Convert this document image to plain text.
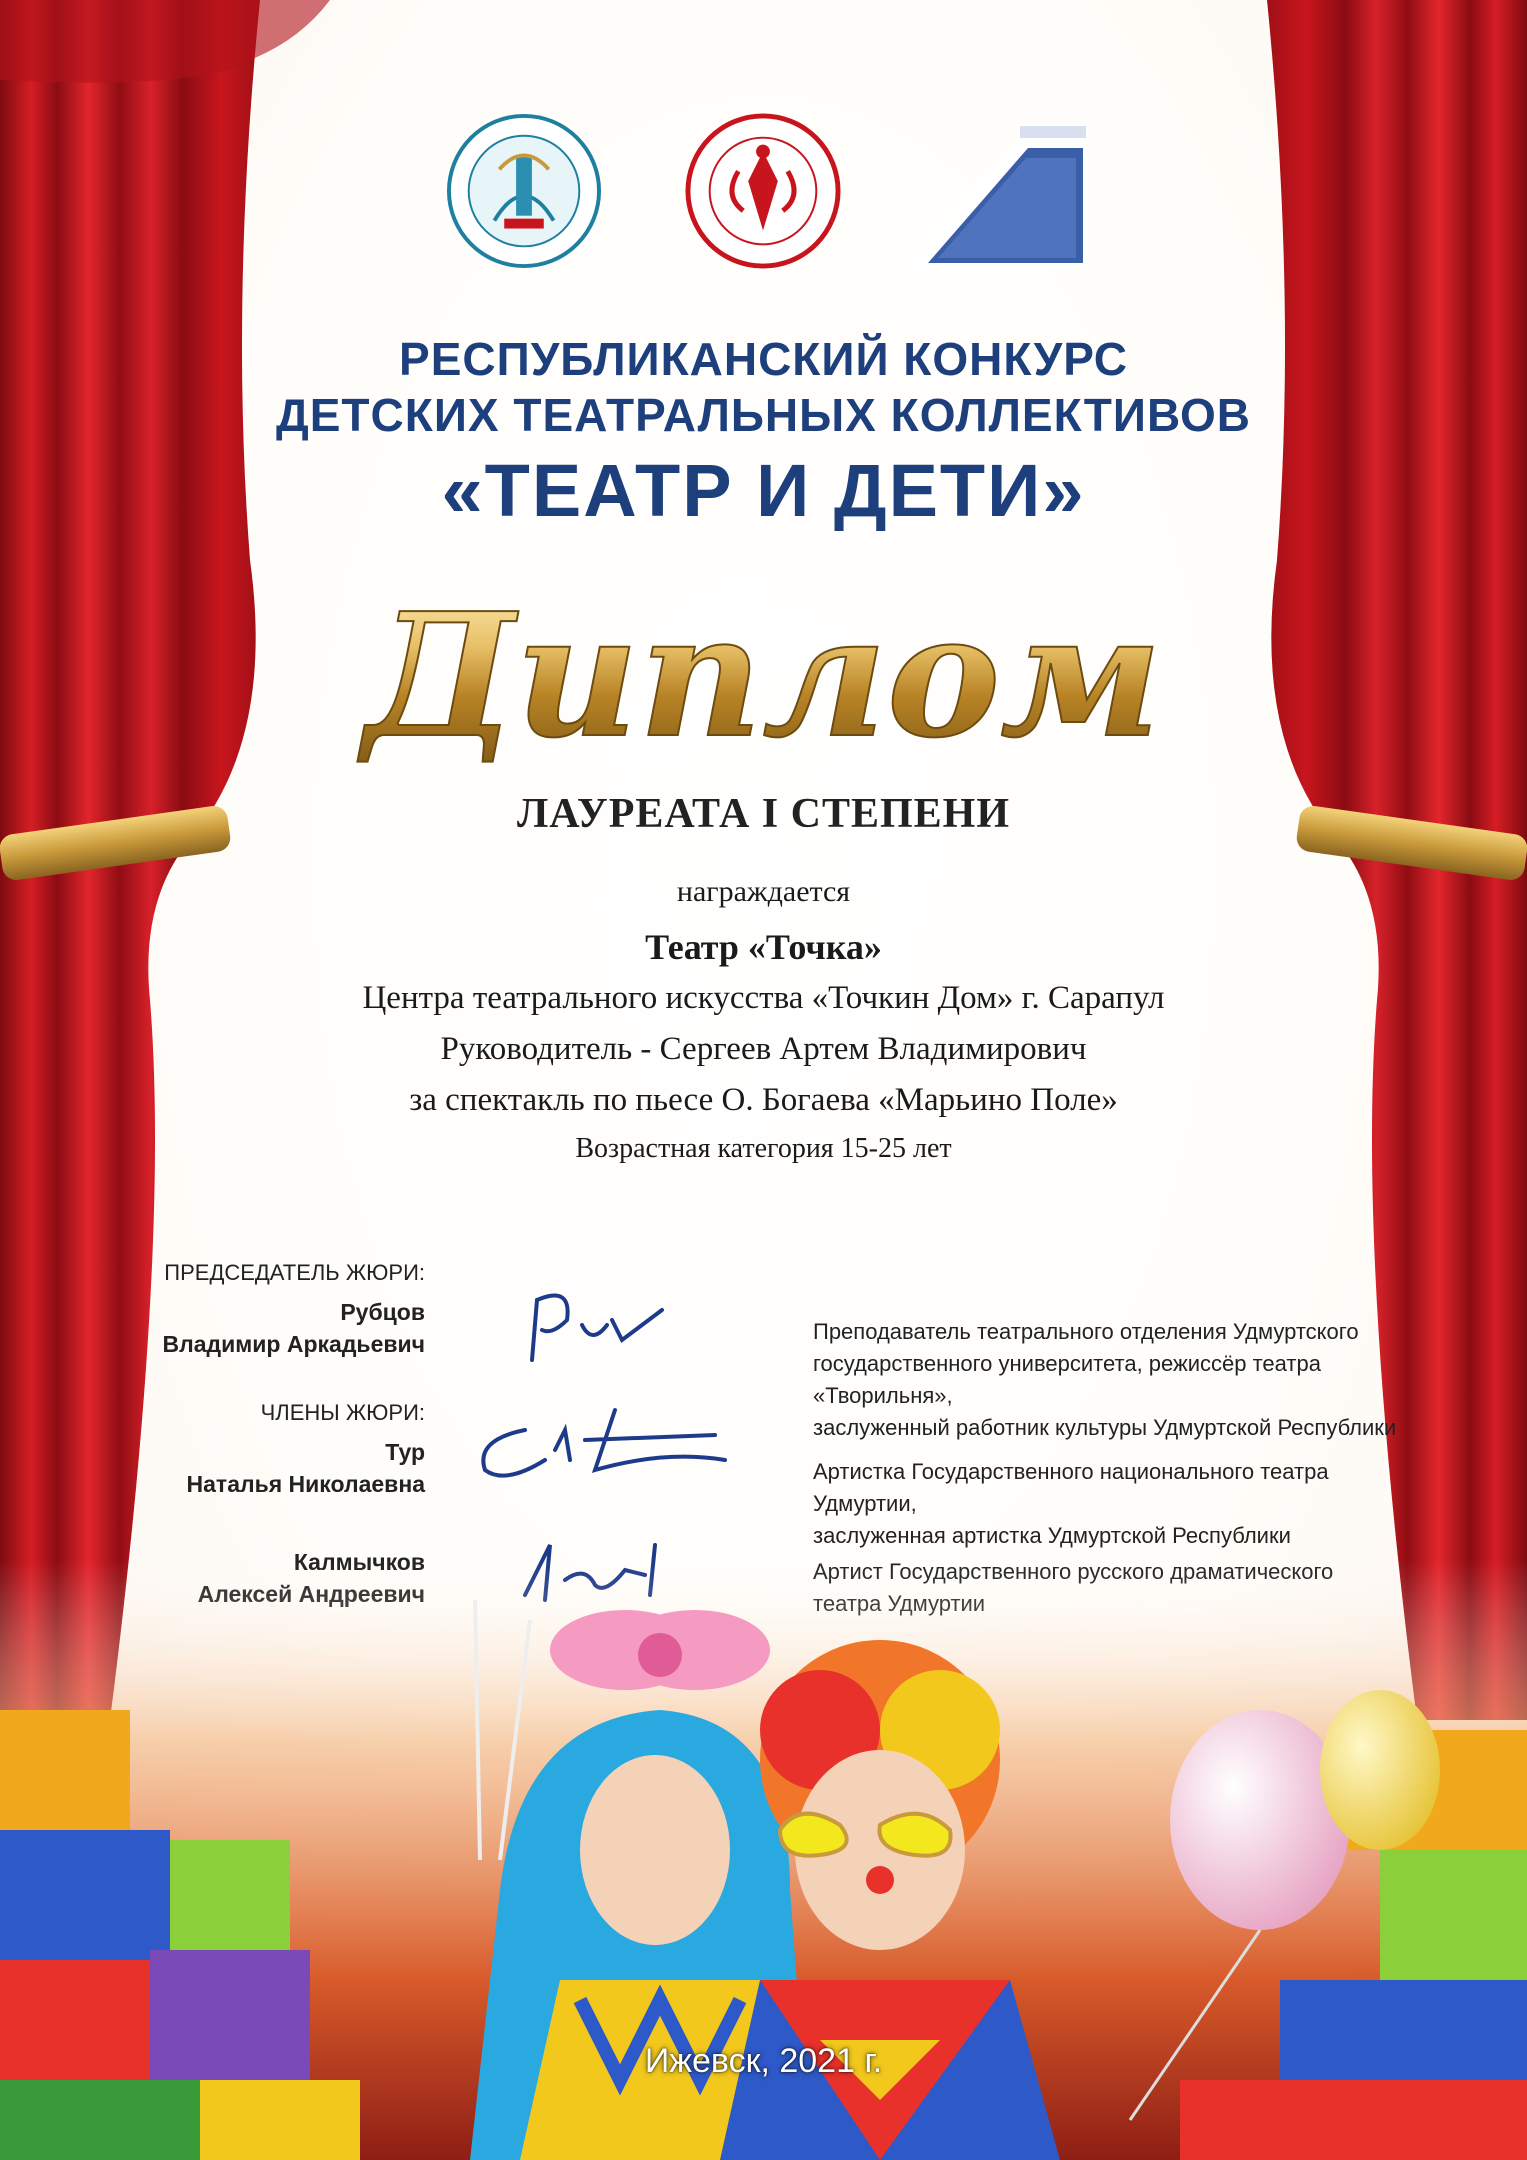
РЕСПУБЛИКАНСКИЙ КОНКУРС
ДЕТСКИХ ТЕАТРАЛЬНЫХ КОЛЛЕКТИВОВ
«ТЕАТР И ДЕТИ»
Диплом
ЛАУРЕАТА I СТЕПЕНИ
награждается
Театр «Точка»
Центра театрального искусства «Точкин Дом» г. Сарапул
Руководитель - Сергеев Артем Владимирович
за спектакль по пьесе О. Богаева «Марьино Поле»
Возрастная категория 15-25 лет
ПРЕДСЕДАТЕЛЬ ЖЮРИ:
Рубцов
Владимир Аркадьевич	Преподаватель театрального отделения Удмуртского
государственного университета, режиссёр театра «Творильня»,
заслуженный работник культуры Удмуртской Республики
ЧЛЕНЫ ЖЮРИ:
Тур
Наталья Николаевна	Артистка Государственного национального театра Удмуртии,
заслуженная артистка Удмуртской Республики
Ижевск, 2021 г.
